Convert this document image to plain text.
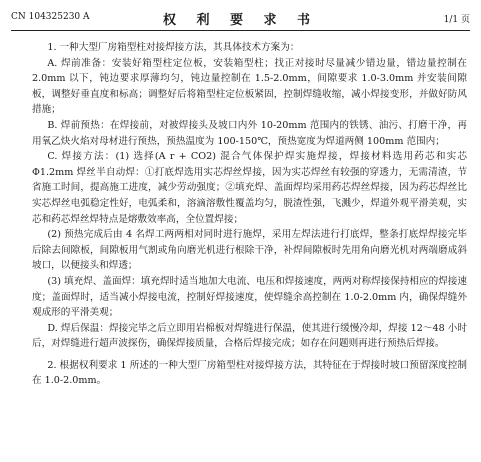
CN 104325230 A	权 利 要 求 书	1/1 页

1. 一种大型厂房箱型柱对接焊接方法，其具体技术方案为：

A. 焊前准备：安装好箱型柱定位板，安装箱型柱；找正对接时尽量减少错边量，错边量控制在 2.0mm 以下，钝边要求厚薄均匀，钝边量控制在 1.5-2.0mm，间隙要求 1.0-3.0mm 并安装间隙板，调整好垂直度和标高；调整好后将箱型柱定位板紧固，控制焊缝收缩，减小焊接变形，并做好防风措施；

B. 焊前预热：在焊接前，对被焊接头及坡口内外 10-20mm 范围内的铁锈、油污、打磨干净，再用氧乙炔火焰对母材进行预热，预热温度为 100-150℃，预热宽度为焊道两侧 100mm 范围内；

C. 焊接方法：(1) 选择(A r + CO2) 混合气体保护焊实施焊接，焊接材料选用药芯和实芯 Φ1.2mm 焊丝半自动焊：①打底焊选用实芯焊丝焊接，因为实芯焊丝有较强的穿透力，无需清渣，节省施工时间，提高施工进度，减少劳动强度；②填充焊、盖面焊均采用药芯焊丝焊接，因为药芯焊丝比实芯焊丝电弧稳定性好，电弧柔和，溶滴溶敷性覆盖均匀，脱渣性强，飞溅少，焊道外观平滑美观，实芯和药芯焊丝焊特点是熔敷效率高，全位置焊接；

(2) 预热完成后由 4 名焊工两两相对同时进行施焊，采用左焊法进行打底焊，整条打底焊焊接完毕后除去间隙板，间隙板用气割或角向磨光机进行根除干净，补焊间隙板时先用角向磨光机对两端磨成斜坡口，以便接头和焊透；

(3) 填充焊、盖面焊：填充焊时适当地加大电流、电压和焊接速度，两两对称焊接保持相应的焊接速度；盖面焊时，适当减小焊接电流，控制好焊接速度，使焊缝余高控制在 1.0-2.0mm 内，确保焊缝外观成形的平滑美观；

D. 焊后保温：焊接完毕之后立即用岩棉板对焊缝进行保温，使其进行缓慢冷却，焊接 12～48 小时后，对焊缝进行超声波探伤，确保焊接质量，合格后焊接完成；如存在问题则再进行预热后焊接。

2. 根据权利要求 1 所述的一种大型厂房箱型柱对接焊接方法，其特征在于焊接时坡口预留深度控制在 1.0-2.0mm。
